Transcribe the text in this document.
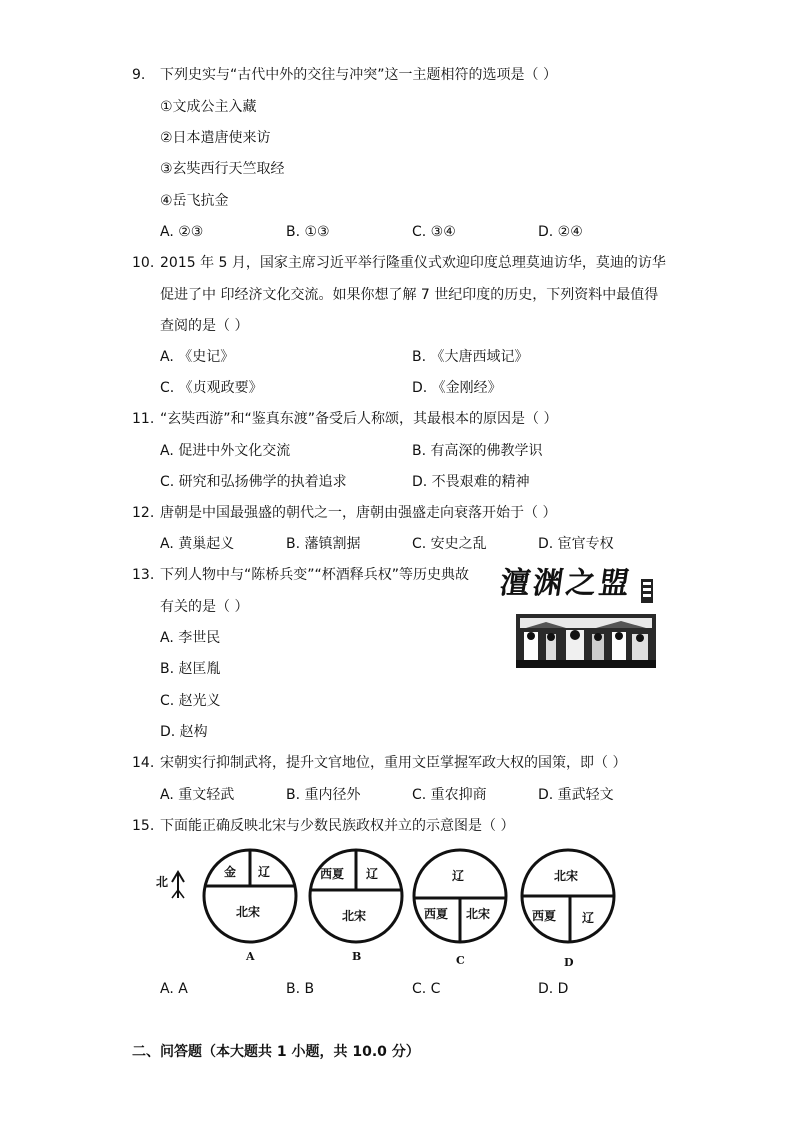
9. 下列史实与“古代中外的交往与冲突”这一主题相符的选项是（ ）
①文成公主入藏
②日本遣唐使来访
③玄奘西行天竺取经
④岳飞抗金
A. ②③	B. ①③	C. ③④	D. ②④
10. 2015 年 5 月，国家主席习近平举行隆重仪式欢迎印度总理莫迪访华，莫迪的访华
促进了中 印经济文化交流。如果你想了解 7 世纪印度的历史，下列资料中最值得
查阅的是（ ）
A. 《史记》	B. 《大唐西域记》
C. 《贞观政要》	D. 《金刚经》
11. “玄奘西游”和“鉴真东渡”备受后人称颂，其最根本的原因是（ ）
A. 促进中外文化交流	B. 有高深的佛教学识
C. 研究和弘扬佛学的执着追求	D. 不畏艰难的精神
12. 唐朝是中国最强盛的朝代之一，唐朝由强盛走向衰落开始于（ ）
A. 黄巢起义	B. 藩镇割据	C. 安史之乱	D. 宦官专权
13. 下列人物中与“陈桥兵变”“杯酒释兵权”等历史典故
有关的是（ ）
A. 李世民
B. 赵匡胤
C. 赵光义
D. 赵构
澶渊之盟
14. 宋朝实行抑制武将，提升文官地位，重用文臣掌握军政大权的国策，即（ ）
A. 重文轻武	B. 重内径外	C. 重农抑商	D. 重武轻文
15. 下面能正确反映北宋与少数民族政权并立的示意图是（ ）
北
金 辽
北宋
A
西夏 辽
北宋
B
辽
西夏 北宋
C
北宋
西夏 辽
D
A. A	B. B	C. C	D. D
二、问答题（本大题共 1 小题，共 10.0 分）
